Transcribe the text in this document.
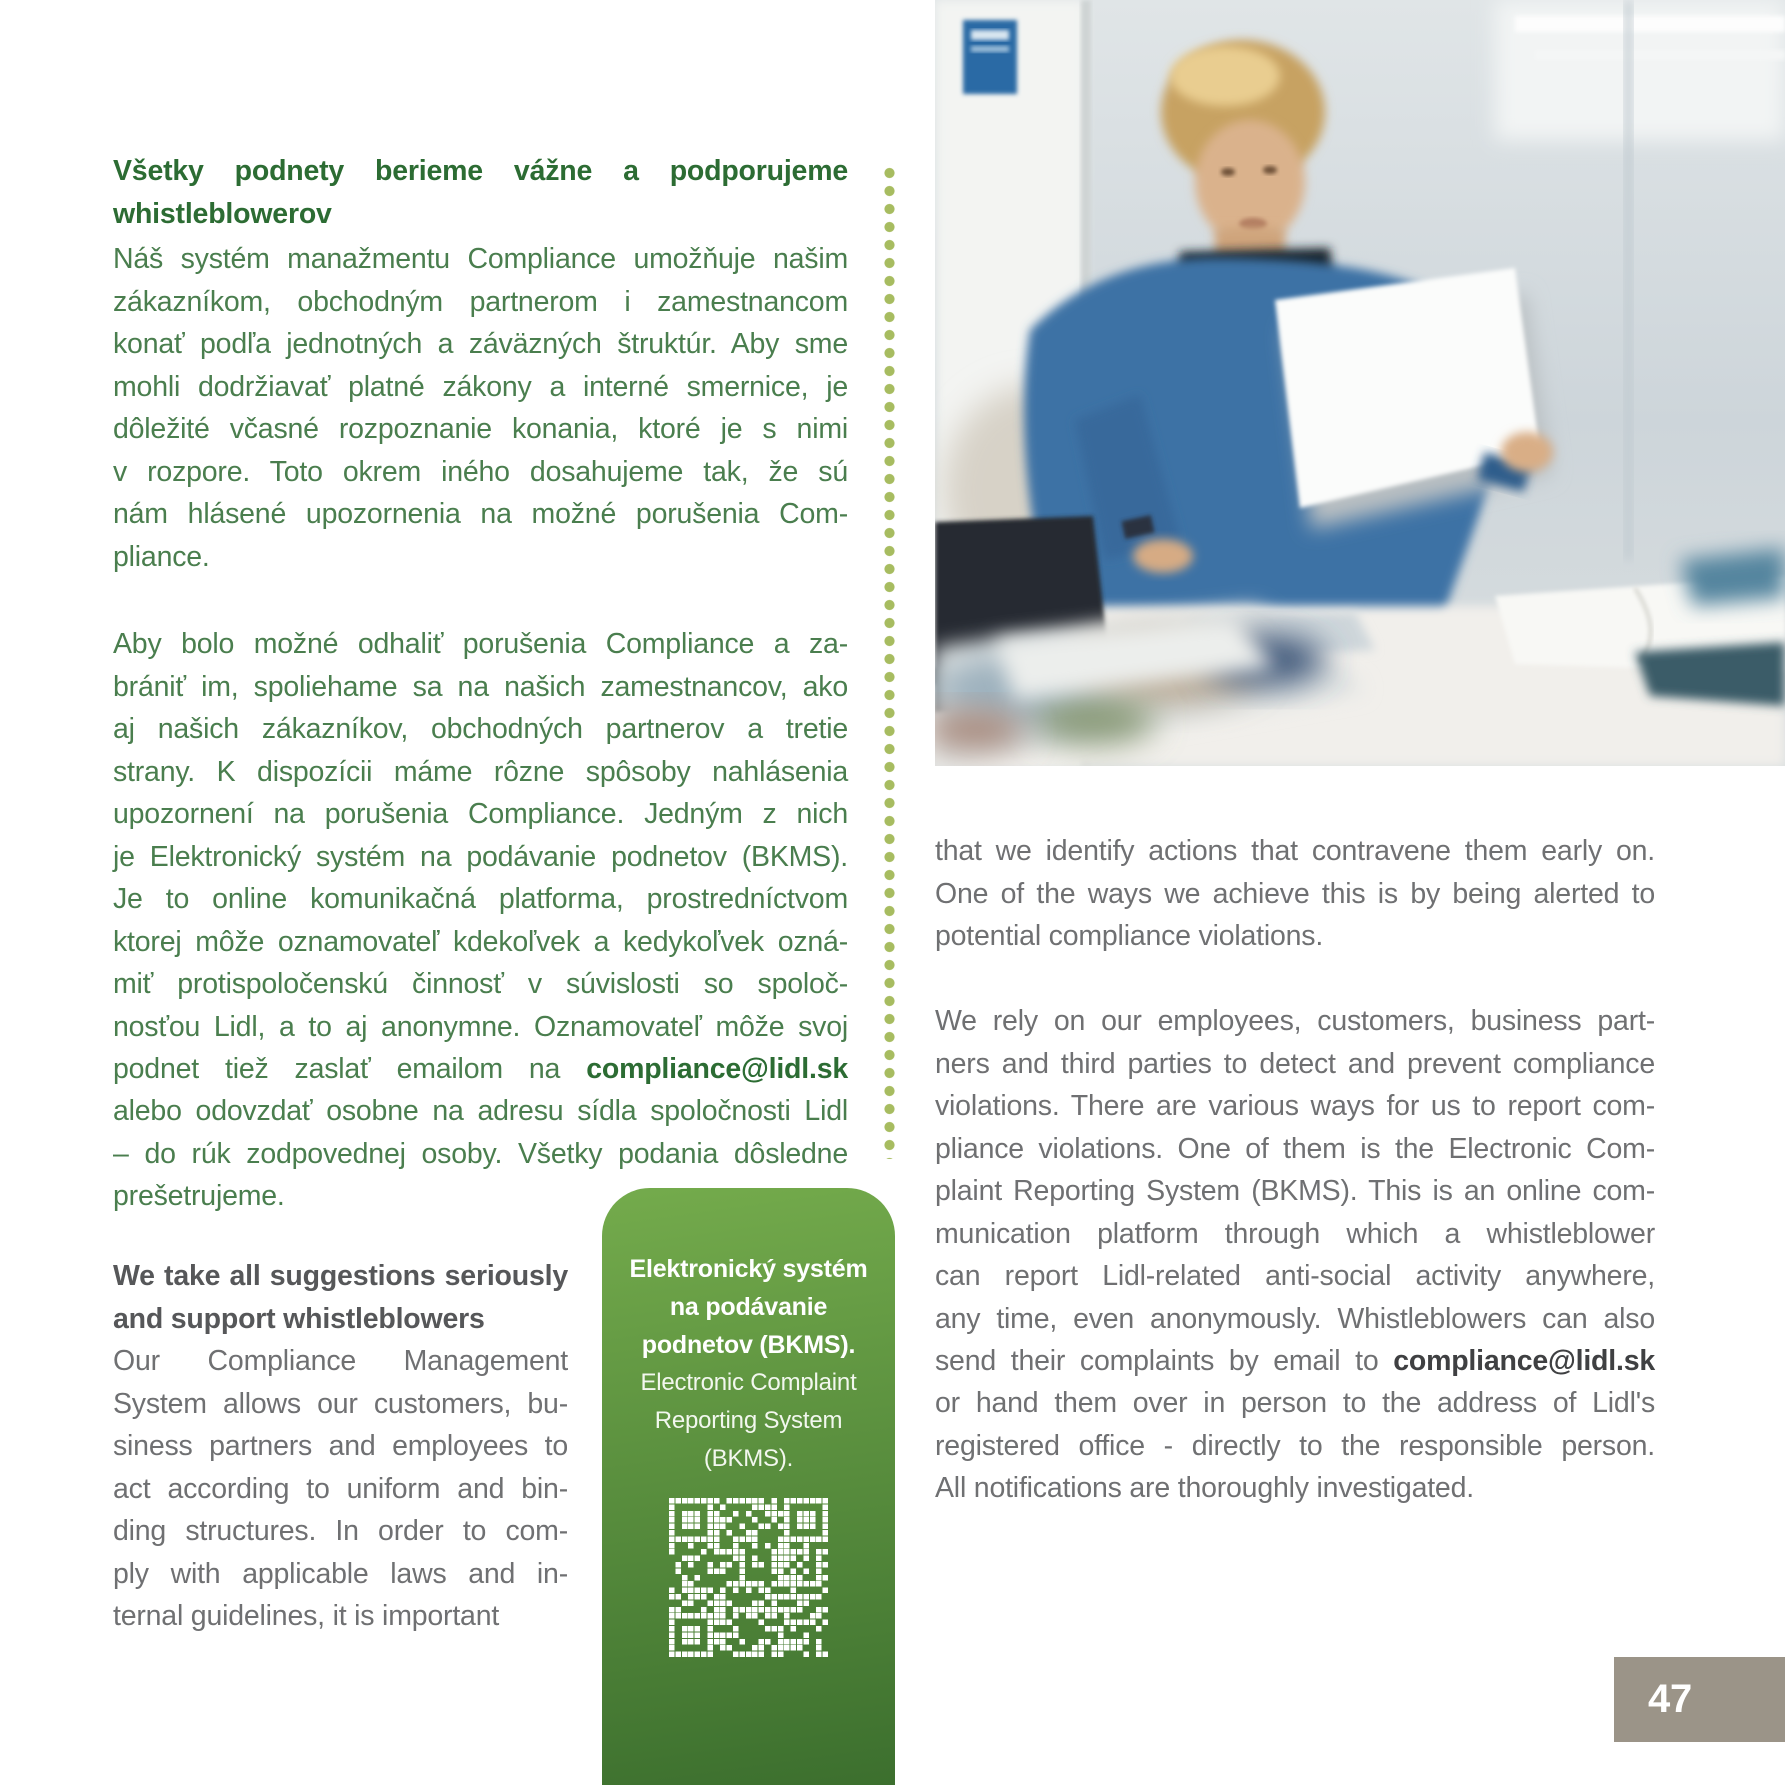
Všetky podnety berieme vážne a podporujeme
whistleblowerov
Náš systém manažmentu Compliance umožňuje našim
zákazníkom, obchodným partnerom i zamestnancom
konať podľa jednotných a záväzných štruktúr. Aby sme
mohli dodržiavať platné zákony a interné smernice, je
dôležité včasné rozpoznanie konania, ktoré je s nimi
v rozpore. Toto okrem iného dosahujeme tak, že sú
nám hlásené upozornenia na možné porušenia Com-
pliance.
Aby bolo možné odhaliť porušenia Compliance a za-
brániť im, spoliehame sa na našich zamestnancov, ako
aj našich zákazníkov, obchodných partnerov a tretie
strany. K dispozícii máme rôzne spôsoby nahlásenia
upozornení na porušenia Compliance. Jedným z nich
je Elektronický systém na podávanie podnetov (BKMS).
Je to online komunikačná platforma, prostredníctvom
ktorej môže oznamovateľ kdekoľvek a kedykoľvek ozná-
miť protispoločenskú činnosť v súvislosti so spoloč-
nosťou Lidl, a to aj anonymne. Oznamovateľ môže svoj
podnet tiež zaslať emailom na compliance@lidl.sk
alebo odovzdať osobne na adresu sídla spoločnosti Lidl
– do rúk zodpovednej osoby. Všetky podania dôsledne
prešetrujeme.
We take all suggestions seriously
and support whistleblowers
Our Compliance Management
System allows our customers, bu-
siness partners and employees to
act according to uniform and bin-
ding structures. In order to com-
ply with applicable laws and in-
ternal guidelines, it is important
that we identify actions that contravene them early on.
One of the ways we achieve this is by being alerted to
potential compliance violations.
We rely on our employees, customers, business part-
ners and third parties to detect and prevent compliance
violations. There are various ways for us to report com-
pliance violations. One of them is the Electronic Com-
plaint Reporting System (BKMS). This is an online com-
munication platform through which a whistleblower
can report Lidl-related anti-social activity anywhere,
any time, even anonymously. Whistleblowers can also
send their complaints by email to compliance@lidl.sk
or hand them over in person to the address of Lidl's
registered office - directly to the responsible person.
All notifications are thoroughly investigated.
Elektronický systém
na podávanie
podnetov (BKMS).
Electronic Complaint
Reporting System
(BKMS).
47
